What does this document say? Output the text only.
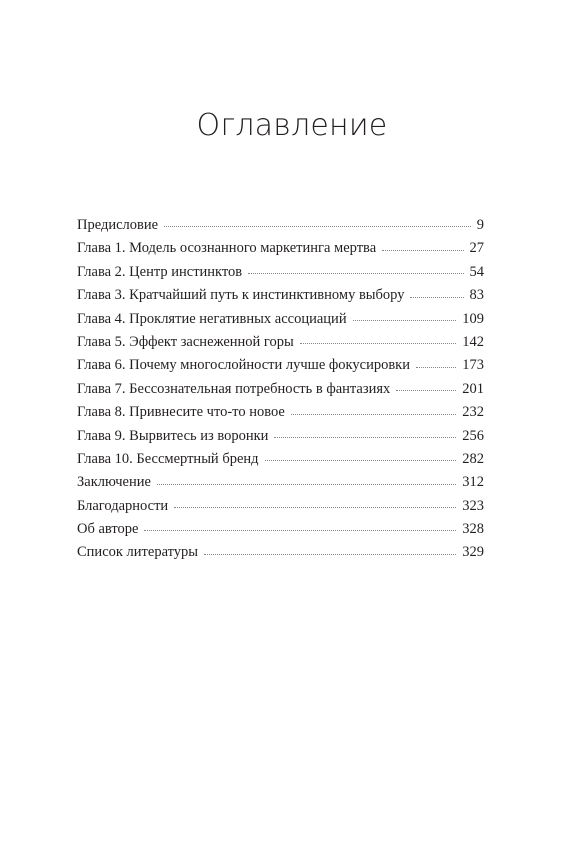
Оглавление
Предисловие	9
Глава 1. Модель осознанного маркетинга мертва	27
Глава 2. Центр инстинктов	54
Глава 3. Кратчайший путь к инстинктивному выбору	83
Глава 4. Проклятие негативных ассоциаций	109
Глава 5. Эффект заснеженной горы	142
Глава 6. Почему многослойности лучше фокусировки	173
Глава 7. Бессознательная потребность в фантазиях	201
Глава 8. Привнесите что-то новое	232
Глава 9. Вырвитесь из воронки	256
Глава 10. Бессмертный бренд	282
Заключение	312
Благодарности	323
Об авторе	328
Список литературы	329
